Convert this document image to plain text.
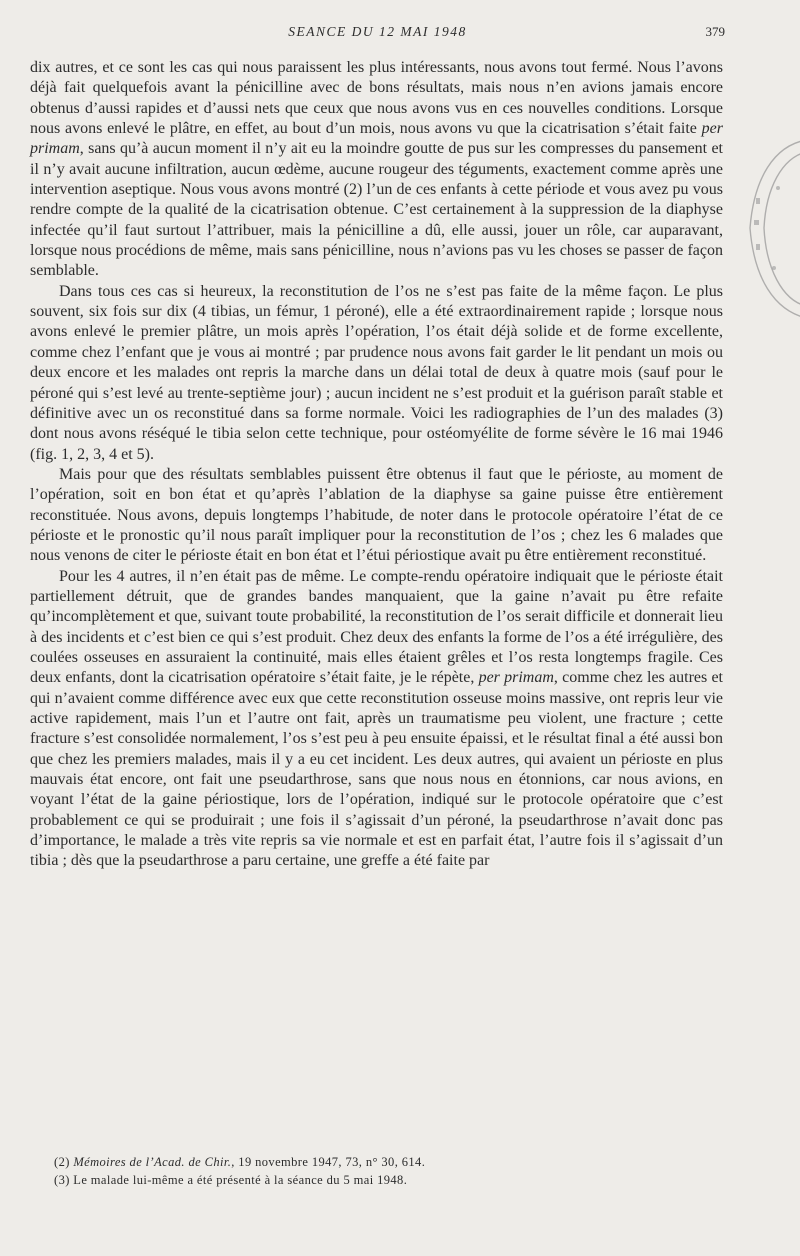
SEANCE DU 12 MAI 1948	379

dix autres, et ce sont les cas qui nous paraissent les plus intéressants, nous avons tout fermé. Nous l’avons déjà fait quelquefois avant la pénicilline avec de bons résultats, mais nous n’en avions jamais encore obtenus d’aussi rapides et d’aussi nets que ceux que nous avons vus en ces nouvelles conditions. Lorsque nous avons enlevé le plâtre, en effet, au bout d’un mois, nous avons vu que la cicatrisation s’était faite per primam, sans qu’à aucun moment il n’y ait eu la moindre goutte de pus sur les compresses du pansement et il n’y avait aucune infiltration, aucun œdème, aucune rougeur des téguments, exactement comme après une intervention aseptique. Nous vous avons montré (2) l’un de ces enfants à cette période et vous avez pu vous rendre compte de la qualité de la cicatrisation obtenue. C’est certainement à la suppression de la diaphyse infectée qu’il faut surtout l’attribuer, mais la pénicilline a dû, elle aussi, jouer un rôle, car auparavant, lorsque nous procédions de même, mais sans pénicilline, nous n’avions pas vu les choses se passer de façon semblable.

Dans tous ces cas si heureux, la reconstitution de l’os ne s’est pas faite de la même façon. Le plus souvent, six fois sur dix (4 tibias, un fémur, 1 péroné), elle a été extraordinairement rapide ; lorsque nous avons enlevé le premier plâtre, un mois après l’opération, l’os était déjà solide et de forme excellente, comme chez l’enfant que je vous ai montré ; par prudence nous avons fait garder le lit pendant un mois ou deux encore et les malades ont repris la marche dans un délai total de deux à quatre mois (sauf pour le péroné qui s’est levé au trente-septième jour) ; aucun incident ne s’est produit et la guérison paraît stable et définitive avec un os reconstitué dans sa forme normale. Voici les radiographies de l’un des malades (3) dont nous avons réséqué le tibia selon cette technique, pour ostéomyélite de forme sévère le 16 mai 1946 (fig. 1, 2, 3, 4 et 5).

Mais pour que des résultats semblables puissent être obtenus il faut que le périoste, au moment de l’opération, soit en bon état et qu’après l’ablation de la diaphyse sa gaine puisse être entièrement reconstituée. Nous avons, depuis longtemps l’habitude, de noter dans le protocole opératoire l’état de ce périoste et le pronostic qu’il nous paraît impliquer pour la reconstitution de l’os ; chez les 6 malades que nous venons de citer le périoste était en bon état et l’étui périostique avait pu être entièrement reconstitué.

Pour les 4 autres, il n’en était pas de même. Le compte-rendu opératoire indiquait que le périoste était partiellement détruit, que de grandes bandes manquaient, que la gaine n’avait pu être refaite qu’incomplètement et que, suivant toute probabilité, la reconstitution de l’os serait difficile et donnerait lieu à des incidents et c’est bien ce qui s’est produit. Chez deux des enfants la forme de l’os a été irrégulière, des coulées osseuses en assuraient la continuité, mais elles étaient grêles et l’os resta longtemps fragile. Ces deux enfants, dont la cicatrisation opératoire s’était faite, je le répète, per primam, comme chez les autres et qui n’avaient comme différence avec eux que cette reconstitution osseuse moins massive, ont repris leur vie active rapidement, mais l’un et l’autre ont fait, après un traumatisme peu violent, une fracture ; cette fracture s’est consolidée normalement, l’os s’est peu à peu ensuite épaissi, et le résultat final a été aussi bon que chez les premiers malades, mais il y a eu cet incident. Les deux autres, qui avaient un périoste en plus mauvais état encore, ont fait une pseudarthrose, sans que nous nous en étonnions, car nous avions, en voyant l’état de la gaine périostique, lors de l’opération, indiqué sur le protocole opératoire que c’est probablement ce qui se produirait ; une fois il s’agissait d’un péroné, la pseudarthrose n’avait donc pas d’importance, le malade a très vite repris sa vie normale et est en parfait état, l’autre fois il s’agissait d’un tibia ; dès que la pseudarthrose a paru certaine, une greffe a été faite par

(2) Mémoires de l’Acad. de Chir., 19 novembre 1947, 73, n° 30, 614.

(3) Le malade lui-même a été présenté à la séance du 5 mai 1948.
